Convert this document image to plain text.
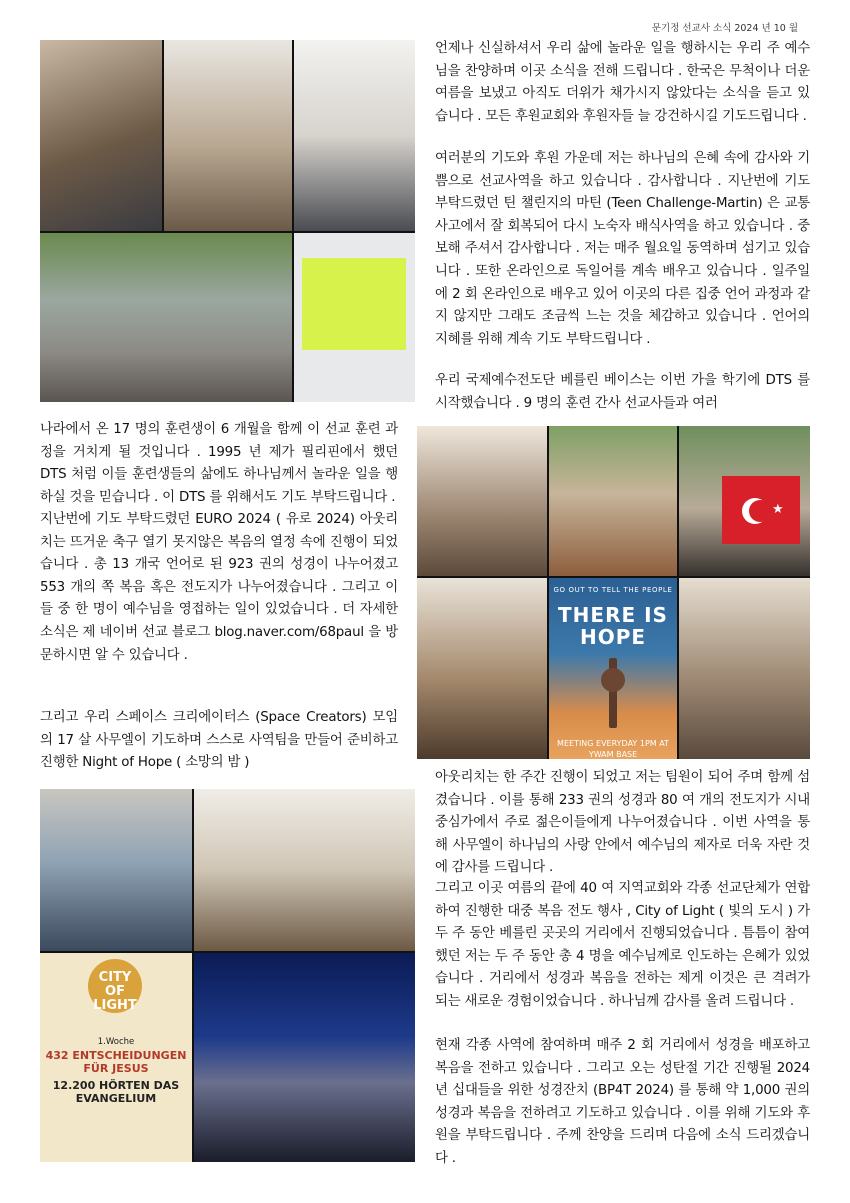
문기정 선교사 소식 2024 년 10 월

언제나 신실하셔서 우리 삶에 놀라운 일을 행하시는 우리 주 예수님을 찬양하며 이곳 소식을 전해 드립니다 . 한국은 무척이나 더운 여름을 보냈고 아직도 더위가 채가시지 않았다는 소식을 듣고 있습니다 . 모든 후원교회와 후원자들 늘 강건하시길 기도드립니다 .

여러분의 기도와 후원 가운데 저는 하나님의 은혜 속에 감사와 기쁨으로 선교사역을 하고 있습니다 . 감사합니다 . 지난번에 기도 부탁드렸던 틴 챌린지의 마틴 (Teen Challenge-Martin) 은 교통사고에서 잘 회복되어 다시 노숙자 배식사역을 하고 있습니다 . 중보해 주셔서 감사합니다 . 저는 매주 월요일 동역하며 섬기고 있습니다 . 또한 온라인으로 독일어를 계속 배우고 있습니다 . 일주일에 2 회 온라인으로 배우고 있어 이곳의 다른 집중 언어 과정과 같지 않지만 그래도 조금씩 느는 것을 체감하고 있습니다 . 언어의 지혜를 위해 계속 기도 부탁드립니다 .

우리 국제예수전도단 베를린 베이스는 이번 가을 학기에 DTS 를 시작했습니다 . 9 명의 훈련 간사 선교사들과 여러

나라에서 온 17 명의 훈련생이 6 개월을 함께 이 선교 훈련 과정을 거치게 될 것입니다 . 1995 년 제가 필리핀에서 했던 DTS 처럼 이들 훈련생들의 삶에도 하나님께서 놀라운 일을 행하실 것을 믿습니다 . 이 DTS 를 위해서도 기도 부탁드립니다 .

지난번에 기도 부탁드렸던 EURO 2024 ( 유로 2024) 아웃리치는 뜨거운 축구 열기 못지않은 복음의 열정 속에 진행이 되었습니다 . 총 13 개국 언어로 된 923 권의 성경이 나누어졌고 553 개의 쪽 복음 혹은 전도지가 나누어졌습니다 . 그리고 이들 중 한 명이 예수님을 영접하는 일이 있었습니다 . 더 자세한 소식은 제 네이버 선교 블로그 blog.naver.com/68paul 을 방문하시면 알 수 있습니다 .

그리고 우리 스페이스 크리에이터스 (Space Creators) 모임의 17 살 사무엘이 기도하며 스스로 사역팀을 만들어 준비하고 진행한 Night of Hope ( 소망의 밤 )

★
GO OUT TO TELL THE PEOPLE
THERE IS HOPE
MEETING EVERYDAY 1PM AT YWAM BASE

아웃리치는 한 주간 진행이 되었고 저는 팀원이 되어 주며 함께 섬겼습니다 . 이를 통해 233 권의 성경과 80 여 개의 전도지가 시내 중심가에서 주로 젊은이들에게 나누어졌습니다 . 이번 사역을 통해 사무엘이 하나님의 사랑 안에서 예수님의 제자로 더욱 자란 것에 감사를 드립니다 .

그리고 이곳 여름의 끝에 40 여 지역교회와 각종 선교단체가 연합하여 진행한 대중 복음 전도 행사 , City of Light ( 빛의 도시 ) 가 두 주 동안 베를린 곳곳의 거리에서 진행되었습니다 . 틈틈이 참여했던 저는 두 주 동안 총 4 명을 예수님께로 인도하는 은혜가 있었습니다 . 거리에서 성경과 복음을 전하는 제게 이것은 큰 격려가 되는 새로운 경험이었습니다 . 하나님께 감사를 올려 드립니다 .

현재 각종 사역에 참여하며 매주 2 회 거리에서 성경을 배포하고 복음을 전하고 있습니다 . 그리고 오는 성탄절 기간 진행될 2024 년 십대들을 위한 성경잔치 (BP4T 2024) 를 통해 약 1,000 권의 성경과 복음을 전하려고 기도하고 있습니다 . 이를 위해 기도와 후원을 부탁드립니다 . 주께 찬양을 드리며 다음에 소식 드리겠습니다 .

CITY OF LIGHT
1.Woche
432 ENTSCHEIDUNGEN FÜR JESUS
12.200 HÖRTEN DAS EVANGELIUM
